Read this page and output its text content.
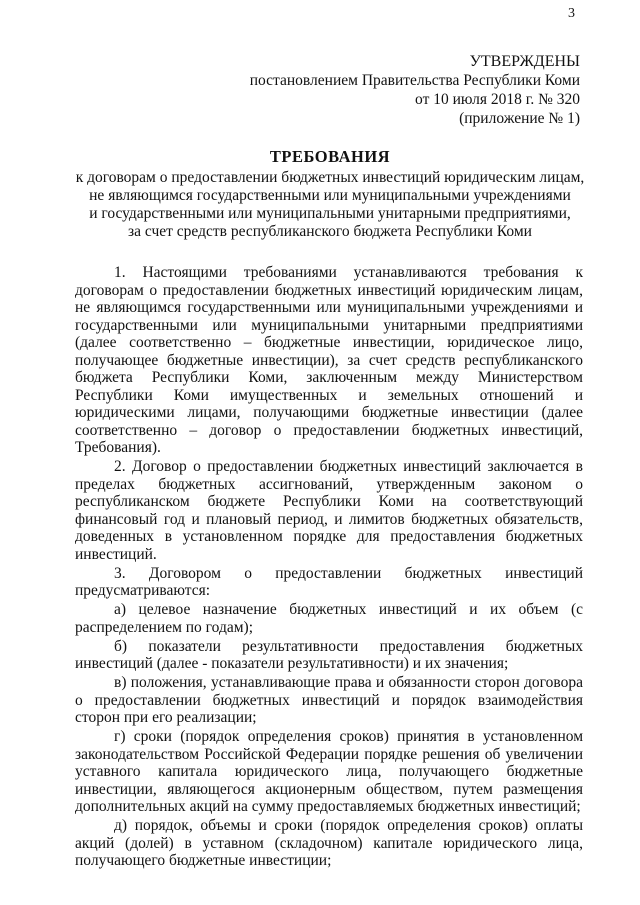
3
УТВЕРЖДЕНЫ
постановлением Правительства Республики Коми
от 10 июля 2018 г. № 320
(приложение № 1)
ТРЕБОВАНИЯ
к договорам о предоставлении бюджетных инвестиций юридическим лицам,
не являющимся государственными или муниципальными учреждениями
и государственными или муниципальными унитарными предприятиями,
за счет средств республиканского бюджета Республики Коми

1. Настоящими требованиями устанавливаются требования к договорам о предоставлении бюджетных инвестиций юридическим лицам, не являющимся государственными или муниципальными учреждениями и государственными или муниципальными унитарными предприятиями (далее соответственно – бюджетные инвестиции, юридическое лицо, получающее бюджетные инвестиции), за счет средств республиканского бюджета Республики Коми, заключенным между Министерством Республики Коми имущественных и земельных отношений и юридическими лицами, получающими бюджетные инвестиции (далее соответственно – договор о предоставлении бюджетных инвестиций, Требования).

2. Договор о предоставлении бюджетных инвестиций заключается в пределах бюджетных ассигнований, утвержденным законом о республиканском бюджете Республики Коми на соответствующий финансовый год и плановый период, и лимитов бюджетных обязательств, доведенных в установленном порядке для предоставления бюджетных инвестиций.

3. Договором о предоставлении бюджетных инвестиций предусматриваются:

а) целевое назначение бюджетных инвестиций и их объем (с распределением по годам);

б) показатели результативности предоставления бюджетных инвестиций (далее - показатели результативности) и их значения;

в) положения, устанавливающие права и обязанности сторон договора о предоставлении бюджетных инвестиций и порядок взаимодействия сторон при его реализации;

г) сроки (порядок определения сроков) принятия в установленном законодательством Российской Федерации порядке решения об увеличении уставного капитала юридического лица, получающего бюджетные инвестиции, являющегося акционерным обществом, путем размещения дополнительных акций на сумму предоставляемых бюджетных инвестиций;

д) порядок, объемы и сроки (порядок определения сроков) оплаты акций (долей) в уставном (складочном) капитале юридического лица, получающего бюджетные инвестиции;
